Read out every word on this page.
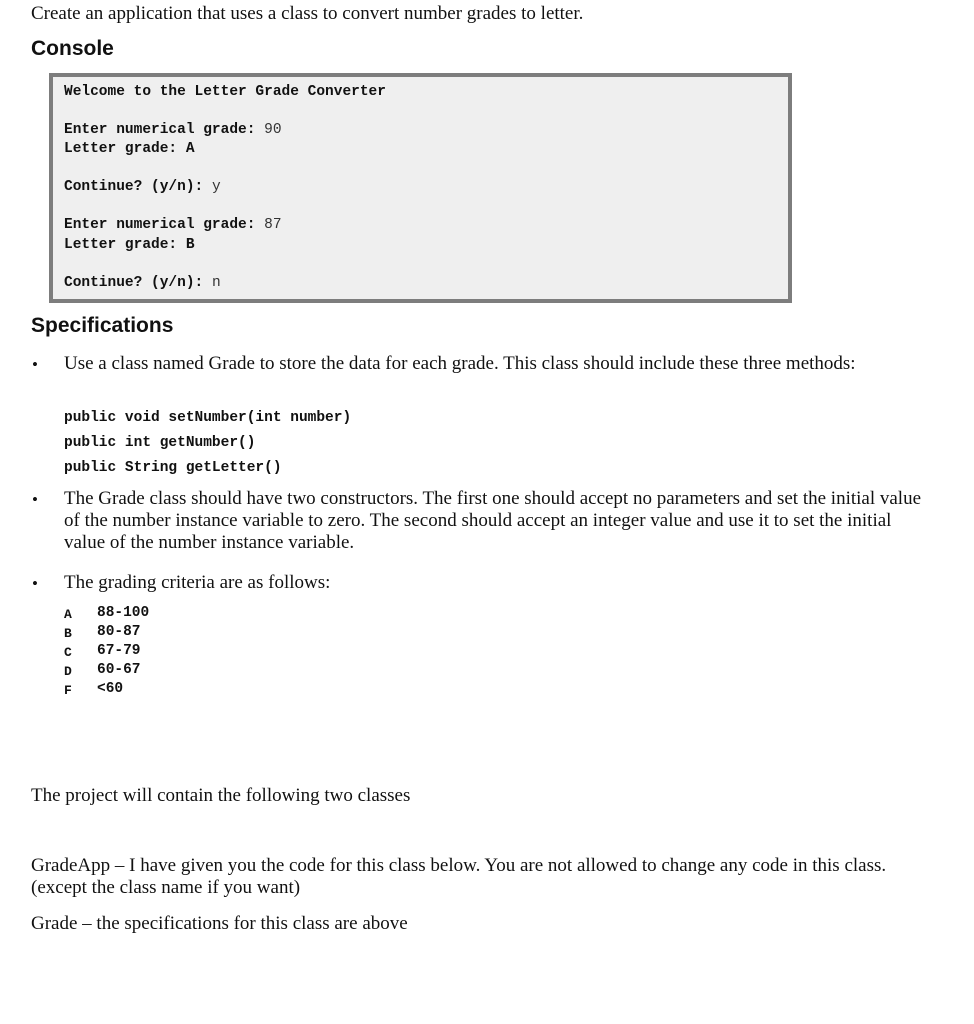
Create an application that uses a class to convert number grades to letter.
Console
Welcome to the Letter Grade Converter
Enter numerical grade: 90
Letter grade: A
Continue? (y/n): y
Enter numerical grade: 87
Letter grade: B
Continue? (y/n): n
Specifications
• Use a class named Grade to store the data for each grade. This class should include these three methods:
public void setNumber(int number)
public int getNumber()
public String getLetter()
• The Grade class should have two constructors. The first one should accept no parameters and set the initial value of the number instance variable to zero. The second should accept an integer value and use it to set the initial value of the number instance variable.
• The grading criteria are as follows:
A 88-100
B 80-87
C 67-79
D 60-67
F <60
The project will contain the following two classes
GradeApp – I have given you the code for this class below. You are not allowed to change any code in this class. (except the class name if you want)
Grade – the specifications for this class are above
